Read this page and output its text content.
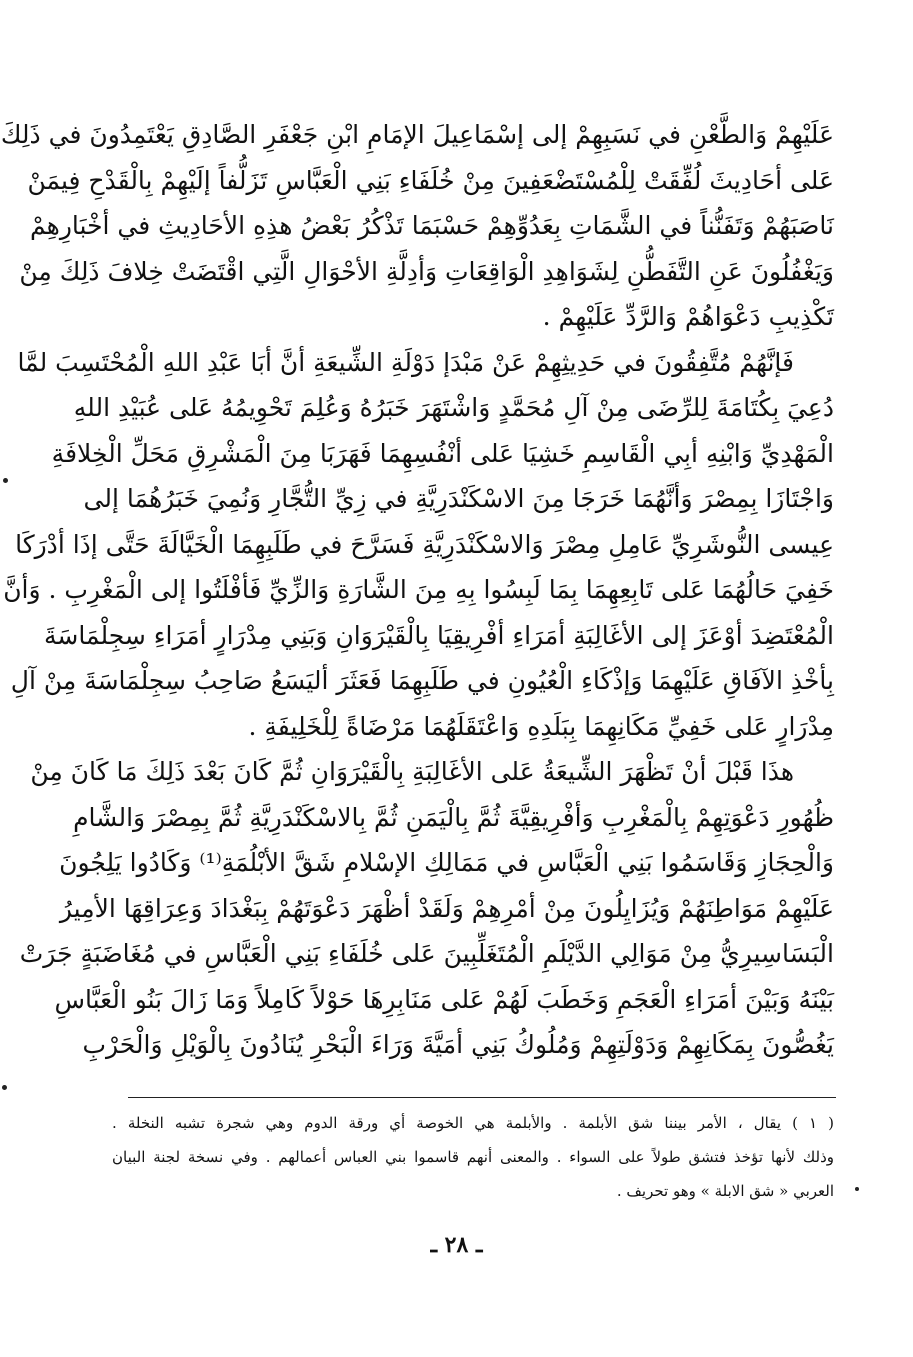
عَلَيْهِمْ وَالطَّعْنِ في نَسَبِهِمْ إلى إسْمَاعِيلَ الإمَامِ ابْنِ جَعْفَرِ الصَّادِقِ يَعْتَمِدُونَ في ذَلِكَ
عَلى أحَادِيثَ لُفِّقَتْ لِلْمُسْتَضْعَفِينَ مِنْ خُلَفَاءِ بَنِي الْعَبَّاسِ تَزَلُّفاً إلَيْهِمْ بِالْقَدْحِ فِيمَنْ
نَاصَبَهُمْ وَتَفَنُّناً في الشَّمَاتِ بِعَدُوِّهِمْ حَسْبَمَا تَذْكُرُ بَعْضُ هذِهِ الأحَادِيثِ في أخْبَارِهِمْ
وَيَغْفُلُونَ عَنِ التَّفَطُّنِ لِشَوَاهِدِ الْوَاقِعَاتِ وَأدِلَّةِ الأحْوَالِ الَّتِي اقْتَضَتْ خِلافَ ذَلِكَ مِنْ
تَكْذِيبِ دَعْوَاهُمْ وَالرَّدِّ عَلَيْهِمْ .
فَإنَّهُمْ مُتَّفِقُونَ في حَدِيثِهِمْ عَنْ مَبْدَإ دَوْلَةِ الشِّيعَةِ أنَّ أبَا عَبْدِ اللهِ الْمُحْتَسِبَ لمَّا
دُعِيَ بِكُتَامَةَ لِلرِّضَى مِنْ آلِ مُحَمَّدٍ وَاشْتَهَرَ خَبَرُهُ وَعُلِمَ تَحْوِيمُهُ عَلى عُبَيْدِ اللهِ
الْمَهْدِيِّ وَابْنِهِ أبِي الْقَاسِمِ خَشِيَا عَلى أنْفُسِهِمَا فَهَرَبَا مِنَ الْمَشْرِقِ مَحَلِّ الْخِلافَةِ
وَاجْتَازَا بِمِصْرَ وَأنَّهُمَا خَرَجَا مِنَ الاسْكَنْدَرِيَّةِ في زِيِّ التُّجَّارِ وَنُمِيَ خَبَرُهُمَا إلى
عِيسى النُّوشَرِيِّ عَامِلِ مِصْرَ وَالاسْكَنْدَرِيَّةِ فَسَرَّحَ في طَلَبِهِمَا الْخَيَّالَةَ حَتَّى إذَا أدْرَكَا
خَفِيَ حَالُهُمَا عَلى تَابِعِهِمَا بِمَا لَبِسُوا بِهِ مِنَ الشَّارَةِ وَالزِّيِّ فَأفْلَتُوا إلى الْمَغْرِبِ . وَأنَّ
الْمُعْتَضِدَ أوْعَزَ إلى الأغَالِبَةِ أمَرَاءِ أفْرِيقِيَا بِالْقَيْرَوَانِ وَبَنِي مِدْرَارٍ أمَرَاءِ سِجِلْمَاسَةَ
بِأخْذِ الآفَاقِ عَلَيْهِمَا وَإذْكَاءِ الْعُيُونِ في طَلَبِهِمَا فَعَثَرَ أليَسَعُ صَاحِبُ سِجِلْمَاسَةَ مِنْ آلِ
مِدْرَارٍ عَلى خَفِيِّ مَكَانِهِمَا بِبَلَدِهِ وَاعْتَقَلَهُمَا مَرْضَاةً لِلْخَلِيفَةِ .
هذَا قَبْلَ أنْ تَظْهَرَ الشِّيعَةُ عَلى الأغَالِبَةِ بِالْقَيْرَوَانِ ثُمَّ كَانَ بَعْدَ ذَلِكَ مَا كَانَ مِنْ
ظُهُورِ دَعْوَتِهِمْ بِالْمَغْرِبِ وَأفْرِيقِيَّةَ ثُمَّ بِالْيَمَنِ ثُمَّ بِالاسْكَنْدَرِيَّةِ ثُمَّ بِمِصْرَ وَالشَّامِ
وَالْحِجَازِ وَقَاسَمُوا بَنِي الْعَبَّاسِ في مَمَالِكِ الإسْلامِ شَقَّ الأبْلُمَةِ⁽¹⁾ وَكَادُوا يَلِجُونَ
عَلَيْهِمْ مَوَاطِنَهُمْ وَيُزَايِلُونَ مِنْ أمْرِهِمْ وَلَقَدْ أظْهَرَ دَعْوَتَهُمْ بِبَغْدَادَ وَعِرَاقِهَا الأمِيرُ
الْبَسَاسِيرِيُّ مِنْ مَوَالِي الدَّيْلَمِ الْمُتَغَلِّبِينَ عَلى خُلَفَاءِ بَنِي الْعَبَّاسِ في مُغَاضَبَةٍ جَرَتْ
بَيْنَهُ وَبَيْنَ أمَرَاءِ الْعَجَمِ وَخَطَبَ لَهُمْ عَلى مَنَابِرِهَا حَوْلاً كَامِلاً وَمَا زَالَ بَنُو الْعَبَّاسِ
يَغُصُّونَ بِمَكَانِهِمْ وَدَوْلَتِهِمْ وَمُلُوكُ بَنِي أمَيَّةَ وَرَاءَ الْبَحْرِ يُنَادُونَ بِالْوَيْلِ وَالْحَرْبِ
( ١ ) يقال ، الأمر بيننا شق الأبلمة . والأبلمة هي الخوصة أي ورقة الدوم وهي شجرة تشبه النخلة .
وذلك لأنها تؤخذ فتشق طولاً على السواء . والمعنى أنهم قاسموا بني العباس أعمالهم . وفي نسخة لجنة البيان
العربي « شق الابلة » وهو تحريف .
ـ ٢٨ ـ
